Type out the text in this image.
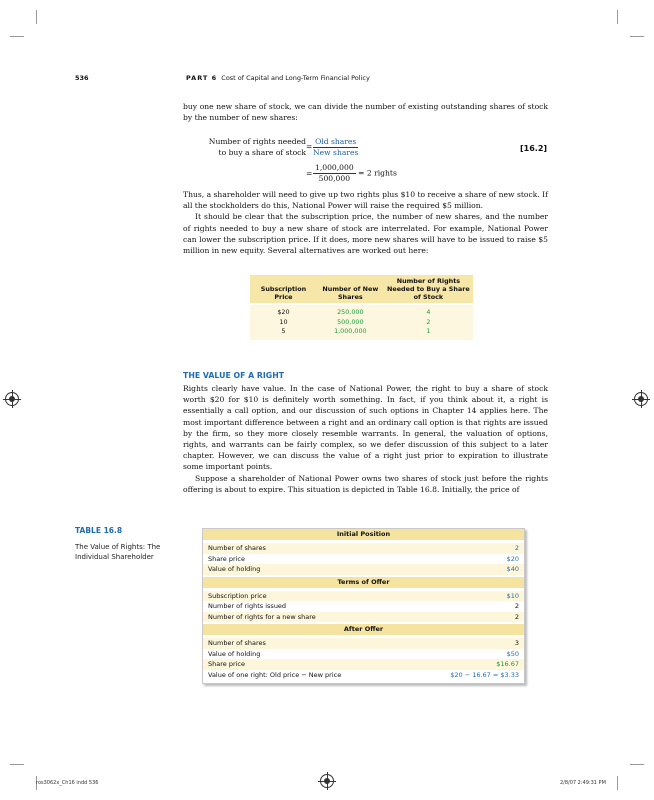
536	PART 6 Cost of Capital and Long-Term Financial Policy

buy one new share of stock, we can divide the number of existing outstanding shares of stock by the number of new shares:

Number of rights needed
to buy a share of stock
= $\frac{\text{Old shares}}{\text{New shares}}$
= $\frac{1,000,000}{500,000} = 2$ rights
[16.2]

Thus, a shareholder will need to give up two rights plus $10 to receive a share of new stock. If all the stockholders do this, National Power will raise the required $5 million.

It should be clear that the subscription price, the number of new shares, and the number of rights needed to buy a new share of stock are interrelated. For example, National Power can lower the subscription price. If it does, more new shares will have to be issued to raise $5 million in new equity. Several alternatives are worked out here:

Subscription Price	Number of New Shares	Number of Rights Needed to Buy a Share of Stock

$20	250,000	4
10	500,000	2
5	1,000,000	1
THE VALUE OF A RIGHT

Rights clearly have value. In the case of National Power, the right to buy a share of stock worth $20 for $10 is definitely worth something. In fact, if you think about it, a right is essentially a call option, and our discussion of such options in Chapter 14 applies here. The most important difference between a right and an ordinary call option is that rights are issued by the firm, so they more closely resemble warrants. In general, the valuation of options, rights, and warrants can be fairly complex, so we defer discussion of this subject to a later chapter. However, we can discuss the value of a right just prior to expiration to illustrate some important points.

Suppose a shareholder of National Power owns two shares of stock just before the rights offering is about to expire. This situation is depicted in Table 16.8. Initially, the price of

TABLE 16.8
The Value of Rights: The Individual Shareholder
Initial Position
Number of shares	2
Share price	$20
Value of holding	$40
Terms of Offer
Subscription price	$10
Number of rights issued	2
Number of rights for a new share	2
After Offer
Number of shares	3
Value of holding	$50
Share price	$16.67
Value of one right: Old price − New price	$20 − 16.67 = $3.33
ros3062x_Ch16 indd 536	2/8/07 2:49:31 PM
